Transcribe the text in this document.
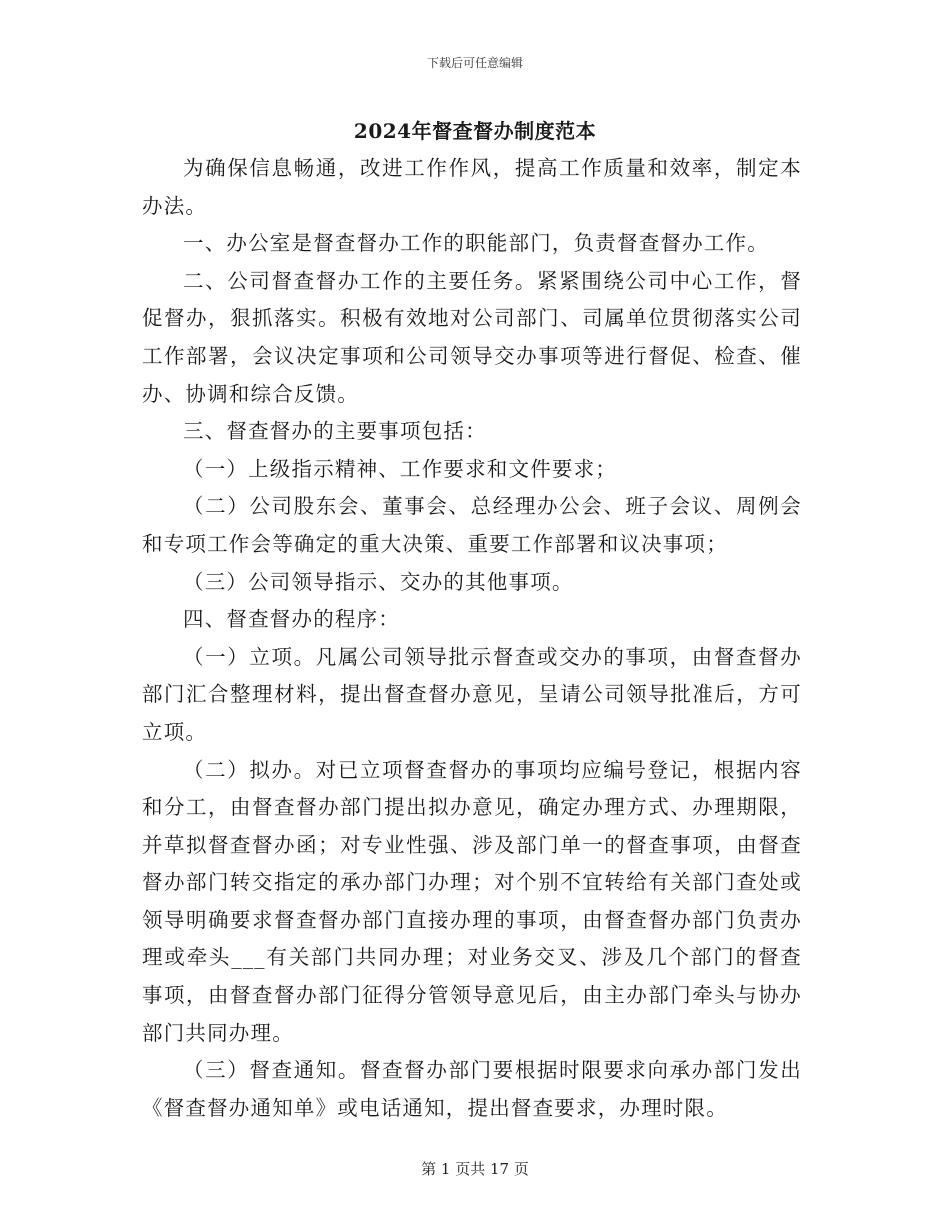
下载后可任意编辑
2024年督查督办制度范本

为确保信息畅通，改进工作作风，提高工作质量和效率，制定本办法。

一、办公室是督查督办工作的职能部门，负责督查督办工作。

二、公司督查督办工作的主要任务。紧紧围绕公司中心工作，督促督办，狠抓落实。积极有效地对公司部门、司属单位贯彻落实公司工作部署，会议决定事项和公司领导交办事项等进行督促、检查、催办、协调和综合反馈。

三、督查督办的主要事项包括：

（一）上级指示精神、工作要求和文件要求；

（二）公司股东会、董事会、总经理办公会、班子会议、周例会和专项工作会等确定的重大决策、重要工作部署和议决事项；

（三）公司领导指示、交办的其他事项。

四、督查督办的程序：

（一）立项。凡属公司领导批示督查或交办的事项，由督查督办部门汇合整理材料，提出督查督办意见，呈请公司领导批准后，方可立项。

（二）拟办。对已立项督查督办的事项均应编号登记，根据内容和分工，由督查督办部门提出拟办意见，确定办理方式、办理期限，并草拟督查督办函；对专业性强、涉及部门单一的督查事项，由督查督办部门转交指定的承办部门办理；对个别不宜转给有关部门查处或领导明确要求督查督办部门直接办理的事项，由督查督办部门负责办理或牵头___有关部门共同办理；对业务交叉、涉及几个部门的督查事项，由督查督办部门征得分管领导意见后，由主办部门牵头与协办部门共同办理。

（三）督查通知。督查督办部门要根据时限要求向承办部门发出《督查督办通知单》或电话通知，提出督查要求，办理时限。

第 1 页共 17 页
